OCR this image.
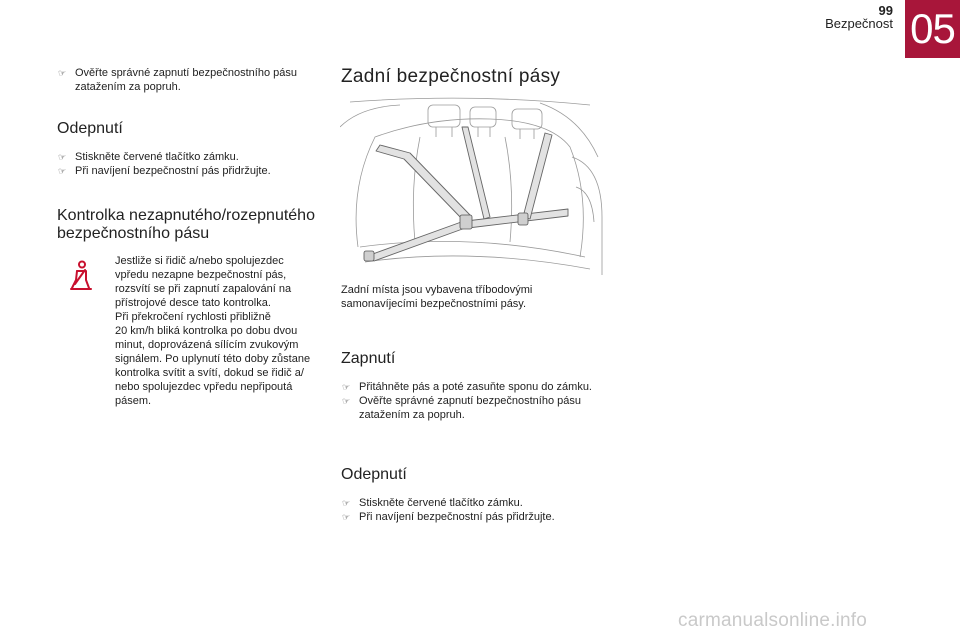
99
Bezpečnost 05
☞ Ověřte správné zapnutí bezpečnostního pásu zatažením za popruh.
Odepnutí
☞ Stiskněte červené tlačítko zámku.
☞ Při navíjení bezpečnostní pás přidržujte.
Kontrolka nezapnutého/rozepnutého
bezpečnostního pásu

Jestliže si řidič a/nebo spolujezdec

vpředu nezapne bezpečnostní pás,

rozsvítí se při zapnutí zapalování na

přístrojové desce tato kontrolka.

Při překročení rychlosti přibližně

20 km/h bliká kontrolka po dobu dvou

minut, doprovázená sílícím zvukovým

signálem. Po uplynutí této doby zůstane

kontrolka svítit a svítí, dokud se řidič a/

nebo spolujezdec vpředu nepřipoutá

pásem.

Zadní bezpečnostní pásy

Zadní místa jsou vybavena tříbodovými

samonavíjecími bezpečnostními pásy.

Zapnutí
☞ Přitáhněte pás a poté zasuňte sponu do zámku.
☞ Ověřte správné zapnutí bezpečnostního pásu zatažením za popruh.
Odepnutí
☞ Stiskněte červené tlačítko zámku.
☞ Při navíjení bezpečnostní pás přidržujte.
carmanualsonline.info
